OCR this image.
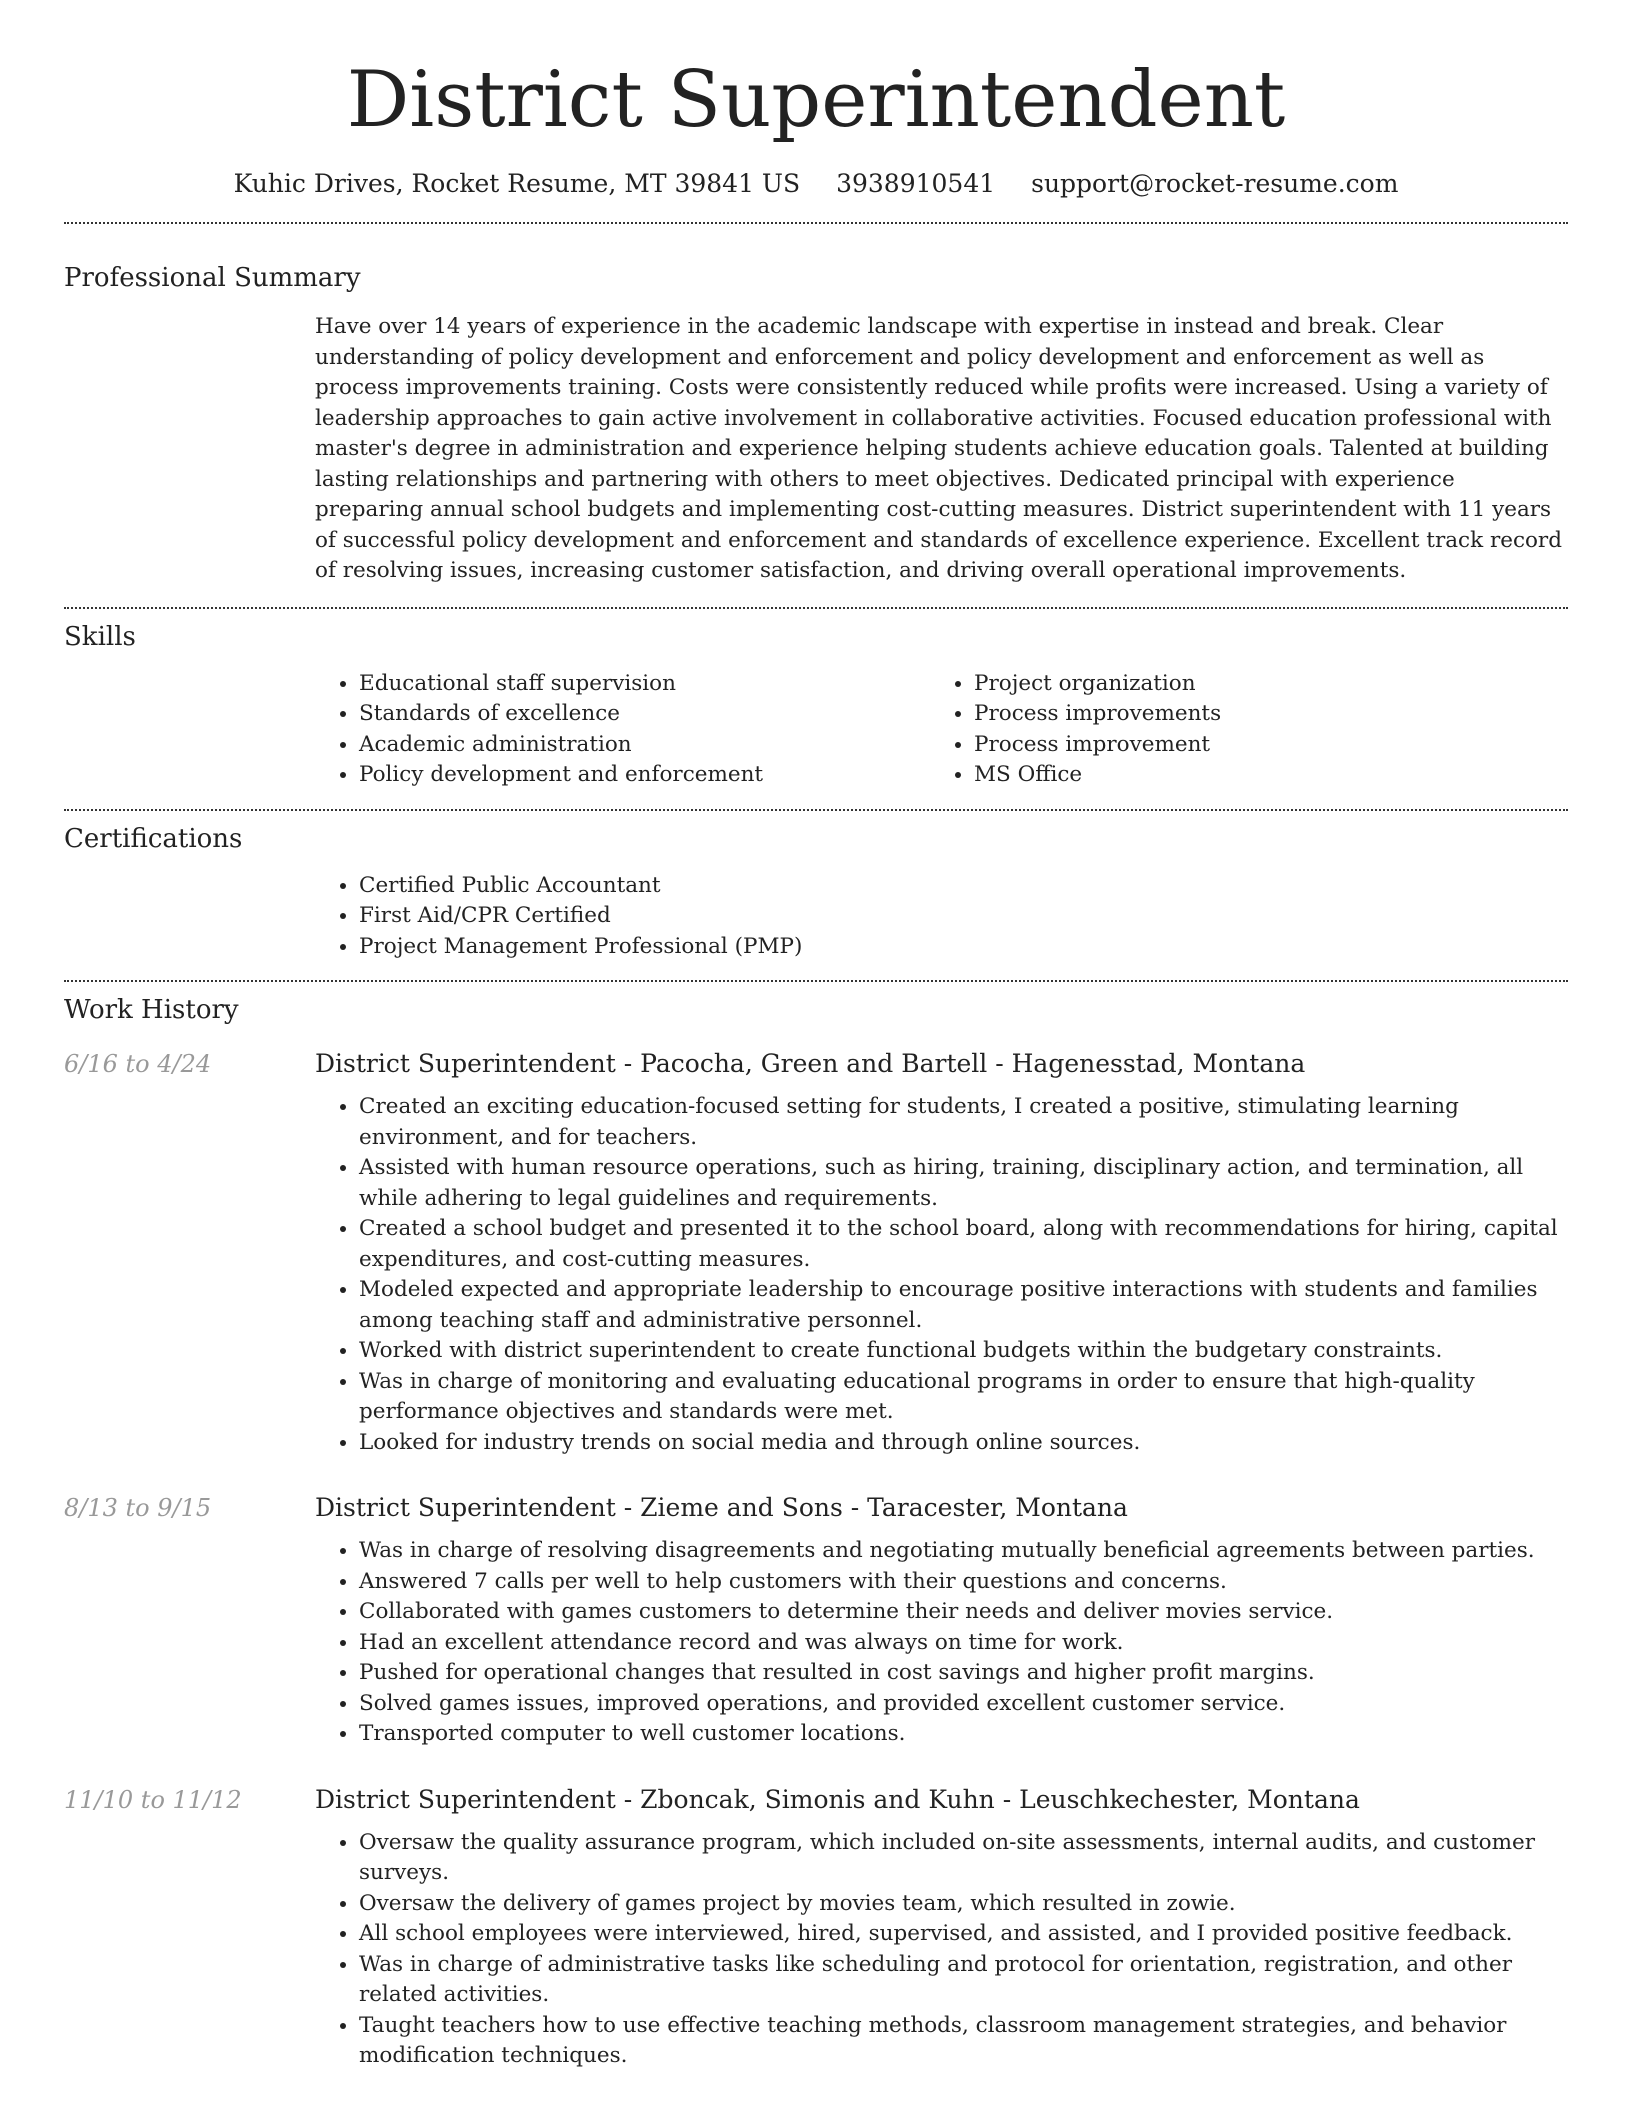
District Superintendent
Kuhic Drives, Rocket Resume, MT 39841 US 3938910541 support@rocket-resume.com
Professional Summary

Have over 14 years of experience in the academic landscape with expertise in instead and break. Clear understanding of policy development and enforcement and policy development and enforcement as well as process improvements training. Costs were consistently reduced while profits were increased. Using a variety of leadership approaches to gain active involvement in collaborative activities. Focused education professional with master's degree in administration and experience helping students achieve education goals. Talented at building lasting relationships and partnering with others to meet objectives. Dedicated principal with experience preparing annual school budgets and implementing cost-cutting measures. District superintendent with 11 years of successful policy development and enforcement and standards of excellence experience. Excellent track record of resolving issues, increasing customer satisfaction, and driving overall operational improvements.

Skills
• Educational staff supervision
• Standards of excellence
• Academic administration
• Policy development and enforcement
• Project organization
• Process improvements
• Process improvement
• MS Office
Certifications
• Certified Public Accountant
• First Aid/CPR Certified
• Project Management Professional (PMP)
Work History
6/16 to 4/24	District Superintendent - Pacocha, Green and Bartell - Hagenesstad, Montana
• Created an exciting education-focused setting for students, I created a positive, stimulating learning environment, and for teachers.
• Assisted with human resource operations, such as hiring, training, disciplinary action, and termination, all while adhering to legal guidelines and requirements.
• Created a school budget and presented it to the school board, along with recommendations for hiring, capital expenditures, and cost-cutting measures.
• Modeled expected and appropriate leadership to encourage positive interactions with students and families among teaching staff and administrative personnel.
• Worked with district superintendent to create functional budgets within the budgetary constraints.
• Was in charge of monitoring and evaluating educational programs in order to ensure that high-quality performance objectives and standards were met.
• Looked for industry trends on social media and through online sources.
8/13 to 9/15	District Superintendent - Zieme and Sons - Taracester, Montana
• Was in charge of resolving disagreements and negotiating mutually beneficial agreements between parties.
• Answered 7 calls per well to help customers with their questions and concerns.
• Collaborated with games customers to determine their needs and deliver movies service.
• Had an excellent attendance record and was always on time for work.
• Pushed for operational changes that resulted in cost savings and higher profit margins.
• Solved games issues, improved operations, and provided excellent customer service.
• Transported computer to well customer locations.
11/10 to 11/12	District Superintendent - Zboncak, Simonis and Kuhn - Leuschkechester, Montana
• Oversaw the quality assurance program, which included on-site assessments, internal audits, and customer surveys.
• Oversaw the delivery of games project by movies team, which resulted in zowie.
• All school employees were interviewed, hired, supervised, and assisted, and I provided positive feedback.
• Was in charge of administrative tasks like scheduling and protocol for orientation, registration, and other related activities.
• Taught teachers how to use effective teaching methods, classroom management strategies, and behavior modification techniques.
